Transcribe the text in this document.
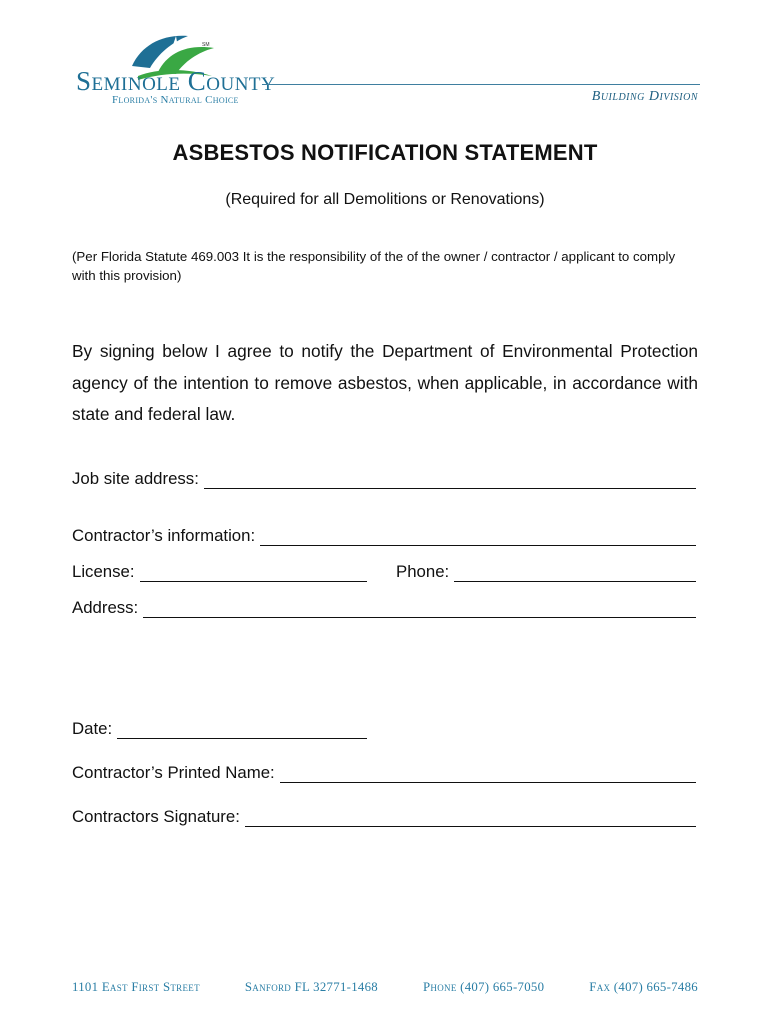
SM
Seminole County
Florida's Natural Choice	Building Division
ASBESTOS NOTIFICATION STATEMENT
(Required for all Demolitions or Renovations)
(Per Florida Statute 469.003 It is the responsibility of the of the owner / contractor / applicant to comply with this provision)
By signing below I agree to notify the Department of Environmental Protection agency of the intention to remove asbestos, when applicable, in accordance with state and federal law.
Job site address:
Contractor’s information:
License:	Phone:
Address:
Date:
Contractor’s Printed Name:
Contractors Signature:
1101 East First Street	Sanford FL 32771-1468	Phone (407) 665-7050	Fax (407) 665-7486
